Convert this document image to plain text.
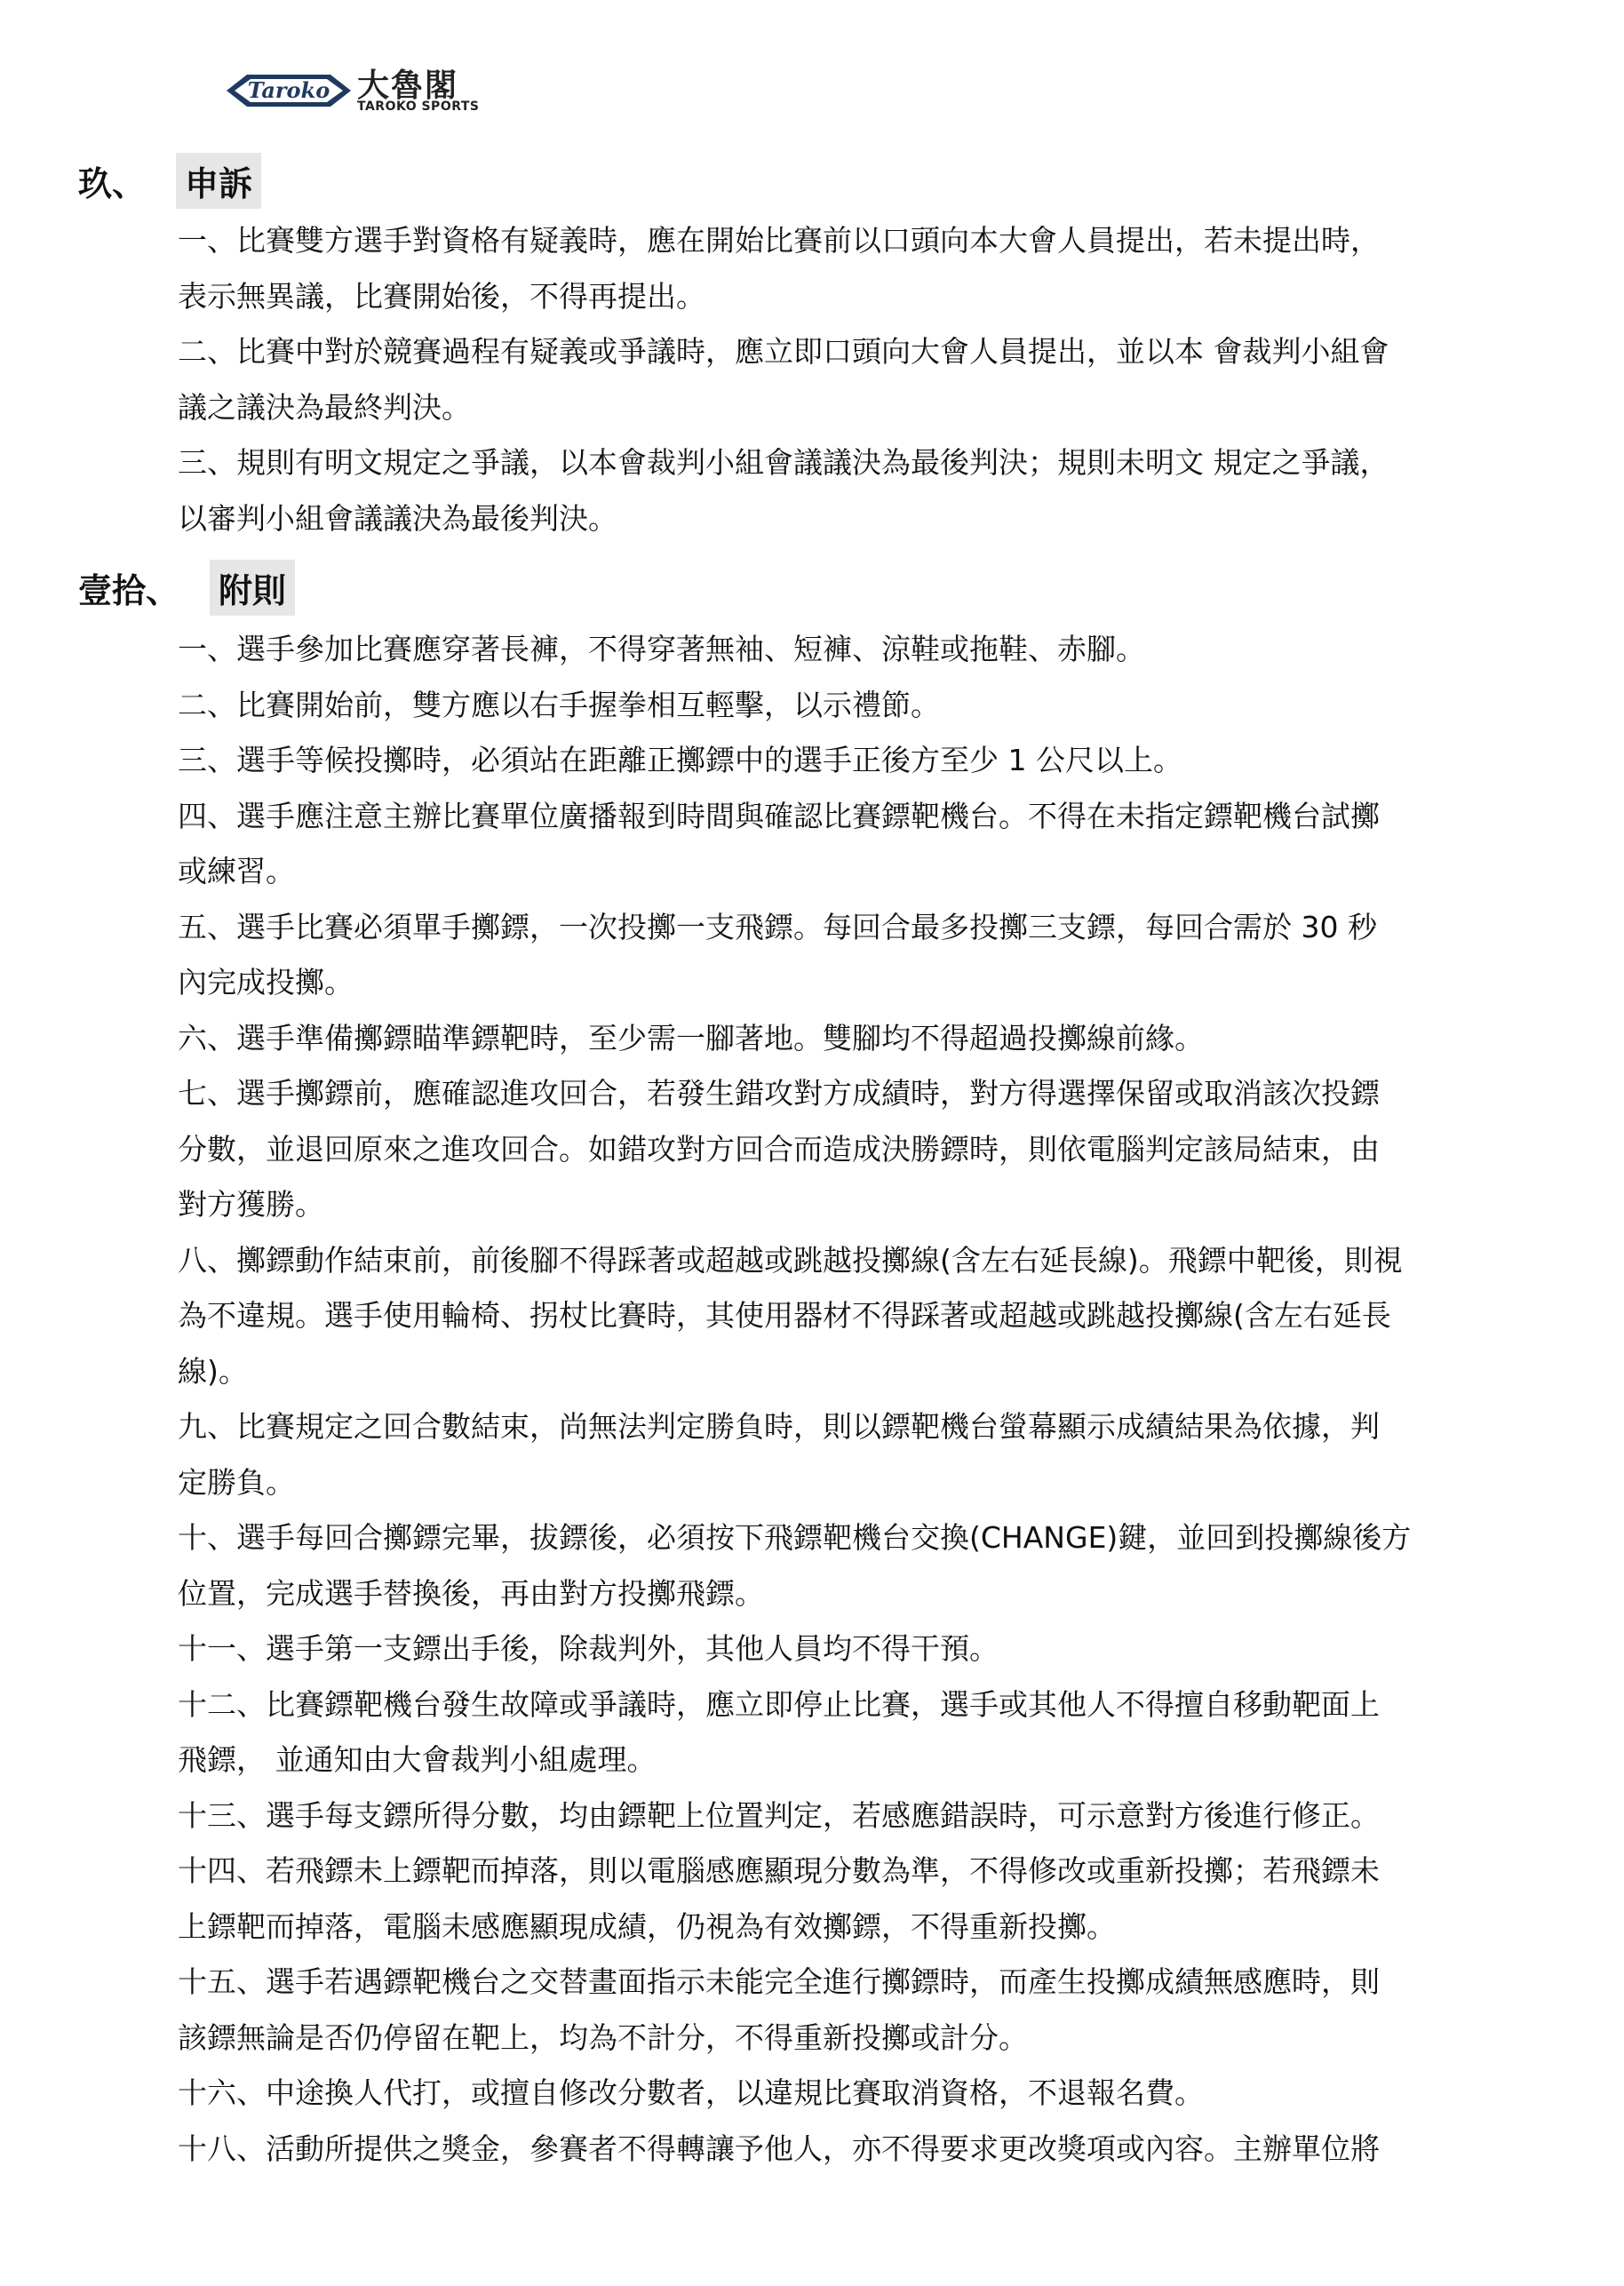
Taroko 大魯閣
TAROKO SPORTS
玖、 申訴
一、比賽雙方選手對資格有疑義時，應在開始比賽前以口頭向本大會人員提出，若未提出時，
表示無異議，比賽開始後，不得再提出。
二、比賽中對於競賽過程有疑義或爭議時，應立即口頭向大會人員提出，並以本 會裁判小組會
議之議決為最終判決。
三、規則有明文規定之爭議，以本會裁判小組會議議決為最後判決；規則未明文 規定之爭議，
以審判小組會議議決為最後判決。
壹拾、 附則
一、選手參加比賽應穿著長褲，不得穿著無袖、短褲、涼鞋或拖鞋、赤腳。
二、比賽開始前，雙方應以右手握拳相互輕擊，以示禮節。
三、選手等候投擲時，必須站在距離正擲鏢中的選手正後方至少 1 公尺以上。
四、選手應注意主辦比賽單位廣播報到時間與確認比賽鏢靶機台。不得在未指定鏢靶機台試擲
或練習。
五、選手比賽必須單手擲鏢，一次投擲一支飛鏢。每回合最多投擲三支鏢，每回合需於 30 秒
內完成投擲。
六、選手準備擲鏢瞄準鏢靶時，至少需一腳著地。雙腳均不得超過投擲線前緣。
七、選手擲鏢前，應確認進攻回合，若發生錯攻對方成績時，對方得選擇保留或取消該次投鏢
分數，並退回原來之進攻回合。如錯攻對方回合而造成決勝鏢時，則依電腦判定該局結束，由
對方獲勝。
八、擲鏢動作結束前，前後腳不得踩著或超越或跳越投擲線(含左右延長線)。飛鏢中靶後，則視
為不違規。選手使用輪椅、拐杖比賽時，其使用器材不得踩著或超越或跳越投擲線(含左右延長
線)。
九、比賽規定之回合數結束，尚無法判定勝負時，則以鏢靶機台螢幕顯示成績結果為依據，判
定勝負。
十、選手每回合擲鏢完畢，拔鏢後，必須按下飛鏢靶機台交換(CHANGE)鍵，並回到投擲線後方
位置，完成選手替換後，再由對方投擲飛鏢。
十一、選手第一支鏢出手後，除裁判外，其他人員均不得干預。
十二、比賽鏢靶機台發生故障或爭議時，應立即停止比賽，選手或其他人不得擅自移動靶面上
飛鏢， 並通知由大會裁判小組處理。
十三、選手每支鏢所得分數，均由鏢靶上位置判定，若感應錯誤時，可示意對方後進行修正。
十四、若飛鏢未上鏢靶而掉落，則以電腦感應顯現分數為準，不得修改或重新投擲；若飛鏢未
上鏢靶而掉落，電腦未感應顯現成績，仍視為有效擲鏢，不得重新投擲。
十五、選手若遇鏢靶機台之交替畫面指示未能完全進行擲鏢時，而產生投擲成績無感應時，則
該鏢無論是否仍停留在靶上，均為不計分，不得重新投擲或計分。
十六、中途換人代打，或擅自修改分數者，以違規比賽取消資格，不退報名費。
十八、活動所提供之獎金，參賽者不得轉讓予他人，亦不得要求更改獎項或內容。主辦單位將
